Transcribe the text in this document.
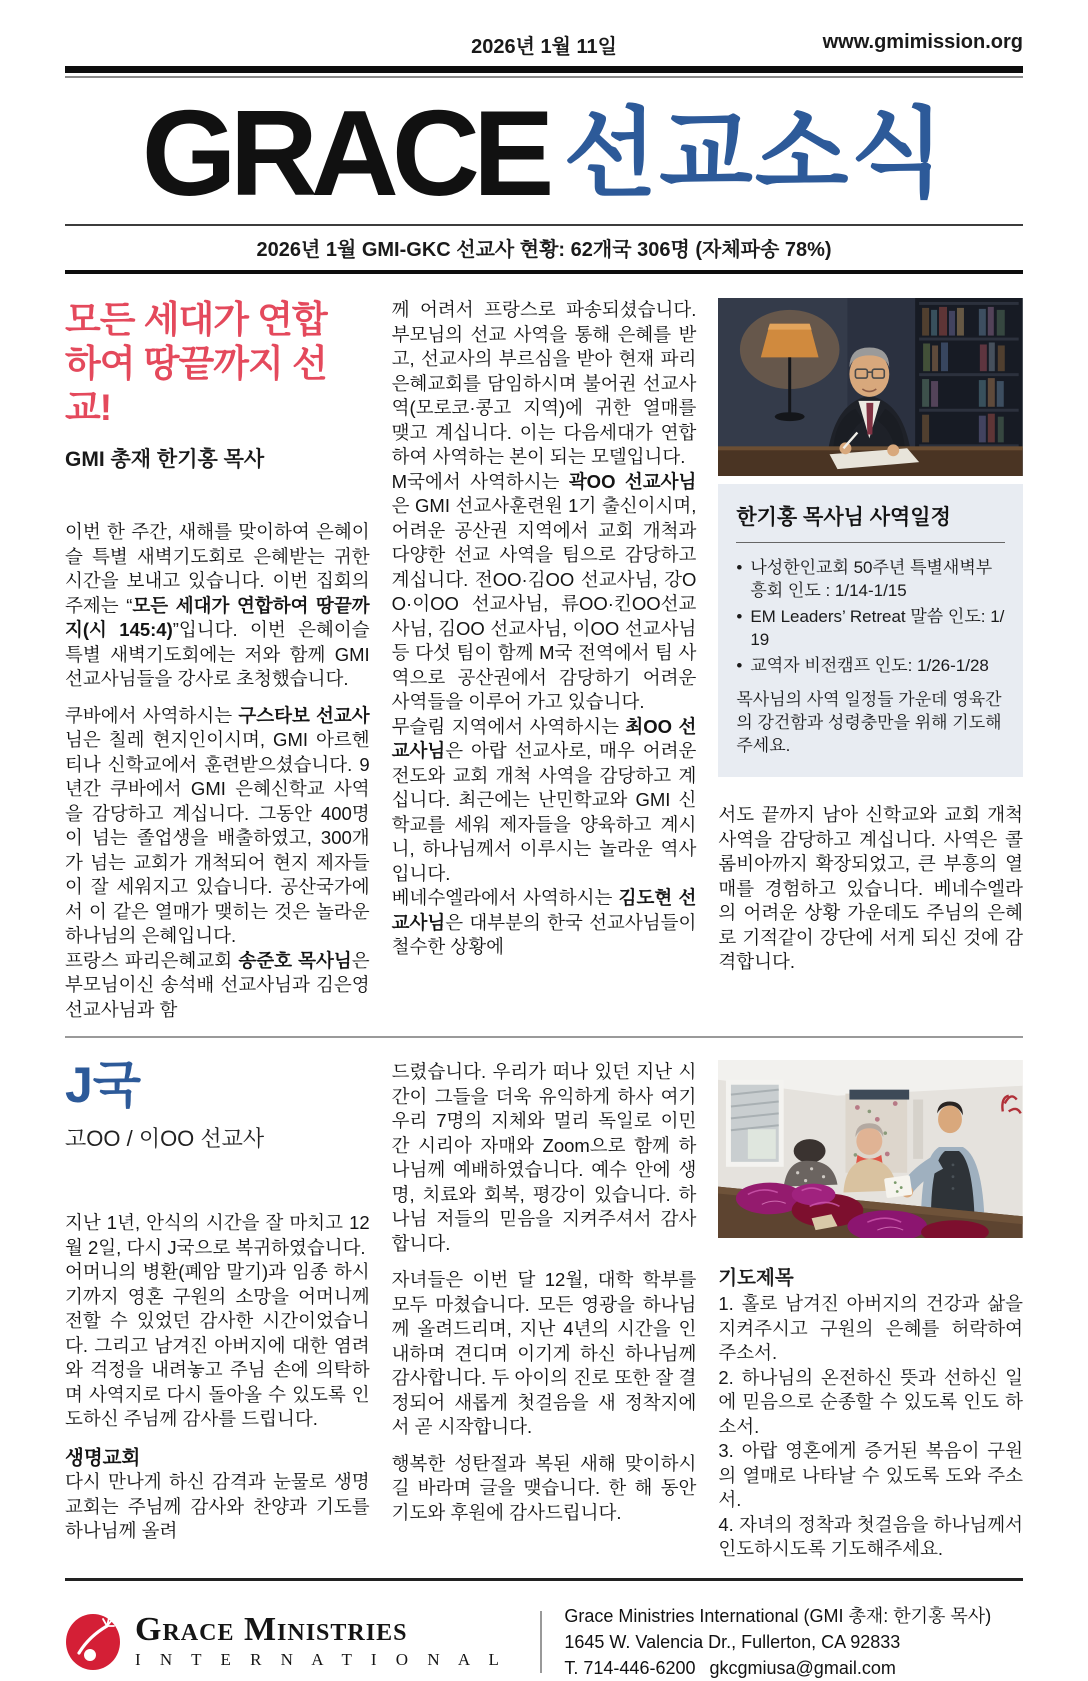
2026년 1월 11일	www.gmimission.org
GRACE 선교소식
2026년 1월 GMI-GKC 선교사 현황: 62개국 306명 (자체파송 78%)
모든 세대가 연합
하여 땅끝까지 선교!
GMI 총재 한기홍 목사

이번 한 주간, 새해를 맞이하여 은혜이슬 특별 새벽기도회로 은혜받는 귀한 시간을 보내고 있습니다. 이번 집회의 주제는 “모든 세대가 연합하여 땅끝까지(시 145:4)”입니다. 이번 은혜이슬 특별 새벽기도회에는 저와 함께 GMI 선교사님들을 강사로 초청했습니다.

쿠바에서 사역하시는 구스타보 선교사님은 칠레 현지인이시며, GMI 아르헨티나 신학교에서 훈련받으셨습니다. 9년간 쿠바에서 GMI 은혜신학교 사역을 감당하고 계십니다. 그동안 400명이 넘는 졸업생을 배출하였고, 300개가 넘는 교회가 개척되어 현지 제자들이 잘 세워지고 있습니다. 공산국가에서 이 같은 열매가 맺히는 것은 놀라운 하나님의 은혜입니다.

프랑스 파리은혜교회 송준호 목사님은 부모님이신 송석배 선교사님과 김은영 선교사님과 함

께 어려서 프랑스로 파송되셨습니다. 부모님의 선교 사역을 통해 은혜를 받고, 선교사의 부르심을 받아 현재 파리은혜교회를 담임하시며 불어권 선교사역(모로코·콩고 지역)에 귀한 열매를 맺고 계십니다. 이는 다음세대가 연합하여 사역하는 본이 되는 모델입니다.

M국에서 사역하시는 곽OO 선교사님은 GMI 선교사훈련원 1기 출신이시며, 어려운 공산권 지역에서 교회 개척과 다양한 선교 사역을 팀으로 감당하고 계십니다. 전OO·김OO 선교사님, 강OO·이OO 선교사님, 류OO·킨OO선교사님, 김OO 선교사님, 이OO 선교사님 등 다섯 팀이 함께 M국 전역에서 팀 사역으로 공산권에서 감당하기 어려운 사역들을 이루어 가고 있습니다.

무슬림 지역에서 사역하시는 최OO 선교사님은 아랍 선교사로, 매우 어려운 전도와 교회 개척 사역을 감당하고 계십니다. 최근에는 난민학교와 GMI 신학교를 세워 제자들을 양육하고 계시니, 하나님께서 이루시는 놀라운 역사입니다.

베네수엘라에서 사역하시는 김도현 선교사님은 대부분의 한국 선교사님들이 철수한 상황에

한기홍 목사님 사역일정
• 나성한인교회 50주년 특별새벽부흥회 인도 : 1/14-1/15
• EM Leaders’ Retreat 말씀 인도: 1/19
• 교역자 비전캠프 인도: 1/26-1/28
목사님의 사역 일정들 가운데 영육간의 강건함과 성령충만을 위해 기도해주세요.

서도 끝까지 남아 신학교와 교회 개척 사역을 감당하고 계십니다. 사역은 콜롬비아까지 확장되었고, 큰 부흥의 열매를 경험하고 있습니다. 베네수엘라의 어려운 상황 가운데도 주님의 은혜로 기적같이 강단에 서게 되신 것에 감격합니다.

J국
고OO / 이OO 선교사

지난 1년, 안식의 시간을 잘 마치고 12월 2일, 다시 J국으로 복귀하였습니다.

어머니의 병환(폐암 말기)과 임종 하시기까지 영혼 구원의 소망을 어머니께 전할 수 있었던 감사한 시간이었습니다. 그리고 남겨진 아버지에 대한 염려와 걱정을 내려놓고 주님 손에 의탁하며 사역지로 다시 돌아올 수 있도록 인도하신 주님께 감사를 드립니다.

생명교회

다시 만나게 하신 감격과 눈물로 생명교회는 주님께 감사와 찬양과 기도를 하나님께 올려

드렸습니다. 우리가 떠나 있던 지난 시간이 그들을 더욱 유익하게 하사 여기 우리 7명의 지체와 멀리 독일로 이민 간 시리아 자매와 Zoom으로 함께 하나님께 예배하였습니다. 예수 안에 생명, 치료와 회복, 평강이 있습니다. 하나님 저들의 믿음을 지켜주셔서 감사합니다.

자녀들은 이번 달 12월, 대학 학부를 모두 마쳤습니다. 모든 영광을 하나님께 올려드리며, 지난 4년의 시간을 인내하며 견디며 이기게 하신 하나님께 감사합니다. 두 아이의 진로 또한 잘 결정되어 새롭게 첫걸음을 새 정착지에서 곧 시작합니다.

행복한 성탄절과 복된 새해 맞이하시길 바라며 글을 맺습니다. 한 해 동안 기도와 후원에 감사드립니다.

기도제목
1. 홀로 남겨진 아버지의 건강과 삶을 지켜주시고 구원의 은혜를 허락하여 주소서.
2. 하나님의 온전하신 뜻과 선하신 일에 믿음으로 순종할 수 있도록 인도 하소서.
3. 아랍 영혼에게 증거된 복음이 구원의 열매로 나타날 수 있도록 도와 주소서.
4. 자녀의 정착과 첫걸음을 하나님께서 인도하시도록 기도해주세요.
Grace Ministries
I N T E R N A T I O N A L
Grace Ministries International (GMI 총재: 한기홍 목사)
1645 W. Valencia Dr., Fullerton, CA 92833
T. 714-446-6200 gkcgmiusa@gmail.com
